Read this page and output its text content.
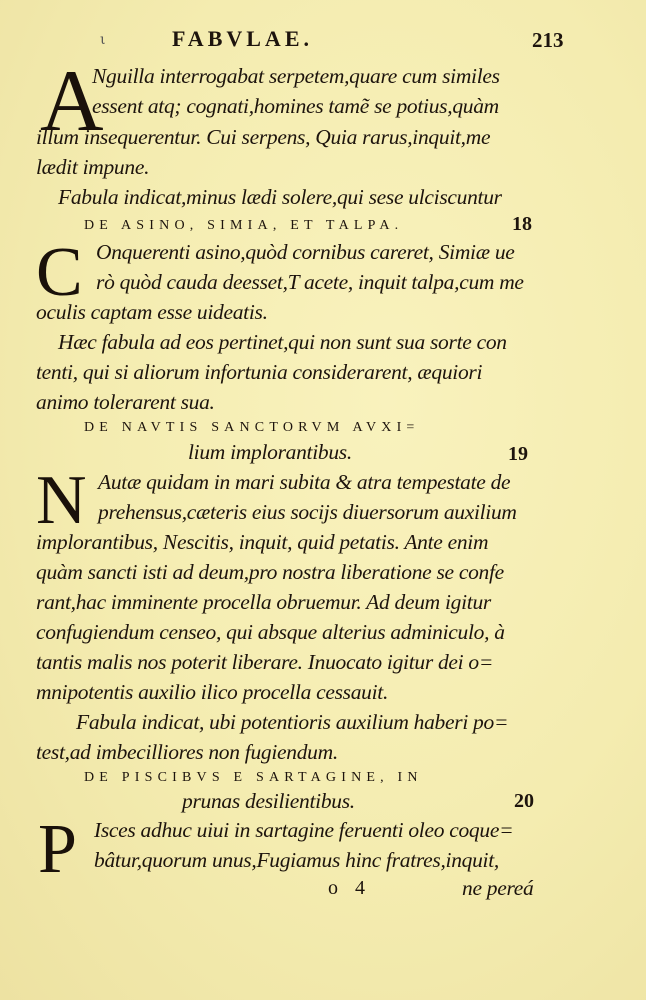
ι	FABVLAE.	213
A
Nguilla interrogabat serpetem,quare cum similes
essent atq; cognati,homines tamẽ se potius,quàm
illum insequerentur. Cui serpens, Quia rarus,inquit,me
lædit impune.
Fabula indicat,minus lædi solere,qui sese ulciscuntur
DE ASINO, SIMIA, ET TALPA.	18
C Onquerenti asino,quòd cornibus careret, Simiæ ue
rò quòd cauda deesset,T acete, inquit talpa,cum me
oculis captam esse uideatis.
Hæc fabula ad eos pertinet,qui non sunt sua sorte con
tenti, qui si aliorum infortunia considerarent, æquiori
animo tolerarent sua.
DE NAVTIS SANCTORVM AVXI=
lium implorantibus.	19
N Autæ quidam in mari subita & atra tempestate de
prehensus,cæteris eius socijs diuersorum auxilium
implorantibus, Nescitis, inquit, quid petatis. Ante enim
quàm sancti isti ad deum,pro nostra liberatione se confe
rant,hac imminente procella obruemur. Ad deum igitur
confugiendum censeo, qui absque alterius adminiculo, à
tantis malis nos poterit liberare. Inuocato igitur dei o=
mnipotentis auxilio ilico procella cessauit.
Fabula indicat, ubi potentioris auxilium haberi po=
test,ad imbecilliores non fugiendum.
DE PISCIBVS E SARTAGINE, IN
prunas desilientibus.	20
P Isces adhuc uiui in sartagine feruenti oleo coque=
bâtur,quorum unus,Fugiamus hinc fratres,inquit,
o 4	ne pereá
